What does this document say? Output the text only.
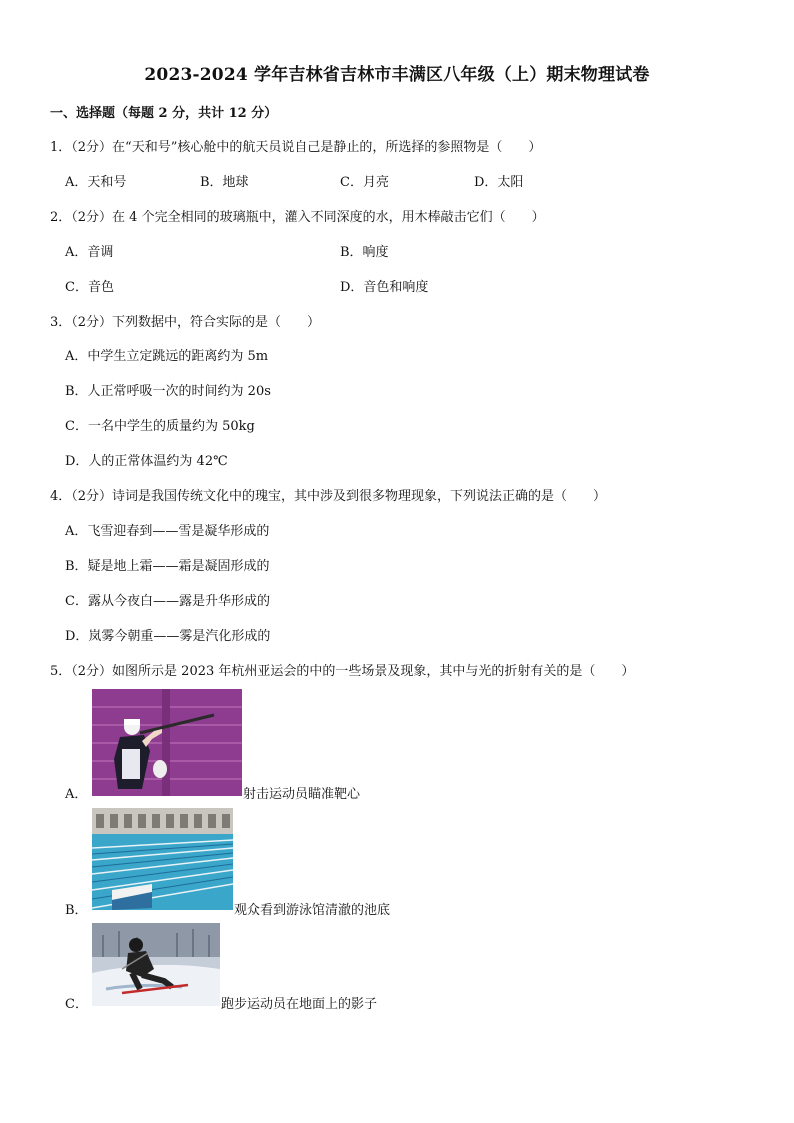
2023-2024 学年吉林省吉林市丰满区八年级（上）期末物理试卷
一、选择题（每题 2 分，共计 12 分）
1．（2分）在“天和号”核心舱中的航天员说自己是静止的，所选择的参照物是（　　）
A．天和号	B．地球	C．月亮	D．太阳
2．（2分）在 4 个完全相同的玻璃瓶中，灌入不同深度的水，用木棒敲击它们（　　）
A．音调	B．响度
C．音色	D．音色和响度
3．（2分）下列数据中，符合实际的是（　　）
A．中学生立定跳远的距离约为 5m
B．人正常呼吸一次的时间约为 20s
C．一名中学生的质量约为 50kg
D．人的正常体温约为 42℃
4．（2分）诗词是我国传统文化中的瑰宝，其中涉及到很多物理现象，下列说法正确的是（　　）
A．飞雪迎春到——雪是凝华形成的
B．疑是地上霜——霜是凝固形成的
C．露从今夜白——露是升华形成的
D．岚雾今朝重——雾是汽化形成的
5．（2分）如图所示是 2023 年杭州亚运会的中的一些场景及现象，其中与光的折射有关的是（　　）
A．	射击运动员瞄准靶心
B．	观众看到游泳馆清澈的池底
C．	跑步运动员在地面上的影子
